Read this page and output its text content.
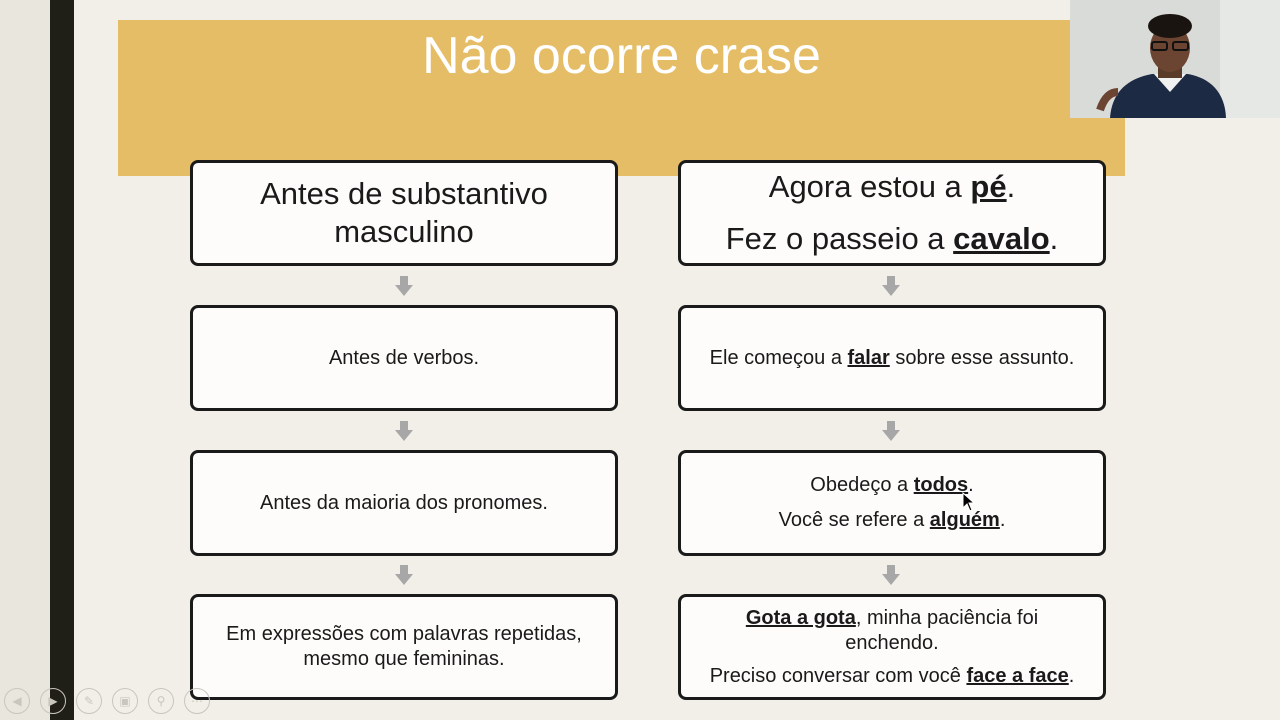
Não ocorre crase
Antes de substantivo
masculino
Antes de verbos.
Antes da maioria dos pronomes.
Em expressões com palavras repetidas,
mesmo que femininas.
Agora estou a pé.
Fez o passeio a cavalo.
Ele começou a falar sobre esse assunto.
Obedeço a todos.
Você se refere a alguém.
Gota a gota, minha paciência foi
enchendo.
Preciso conversar com você face a face.
◀	▶	✎	▣	⚲	⋯
